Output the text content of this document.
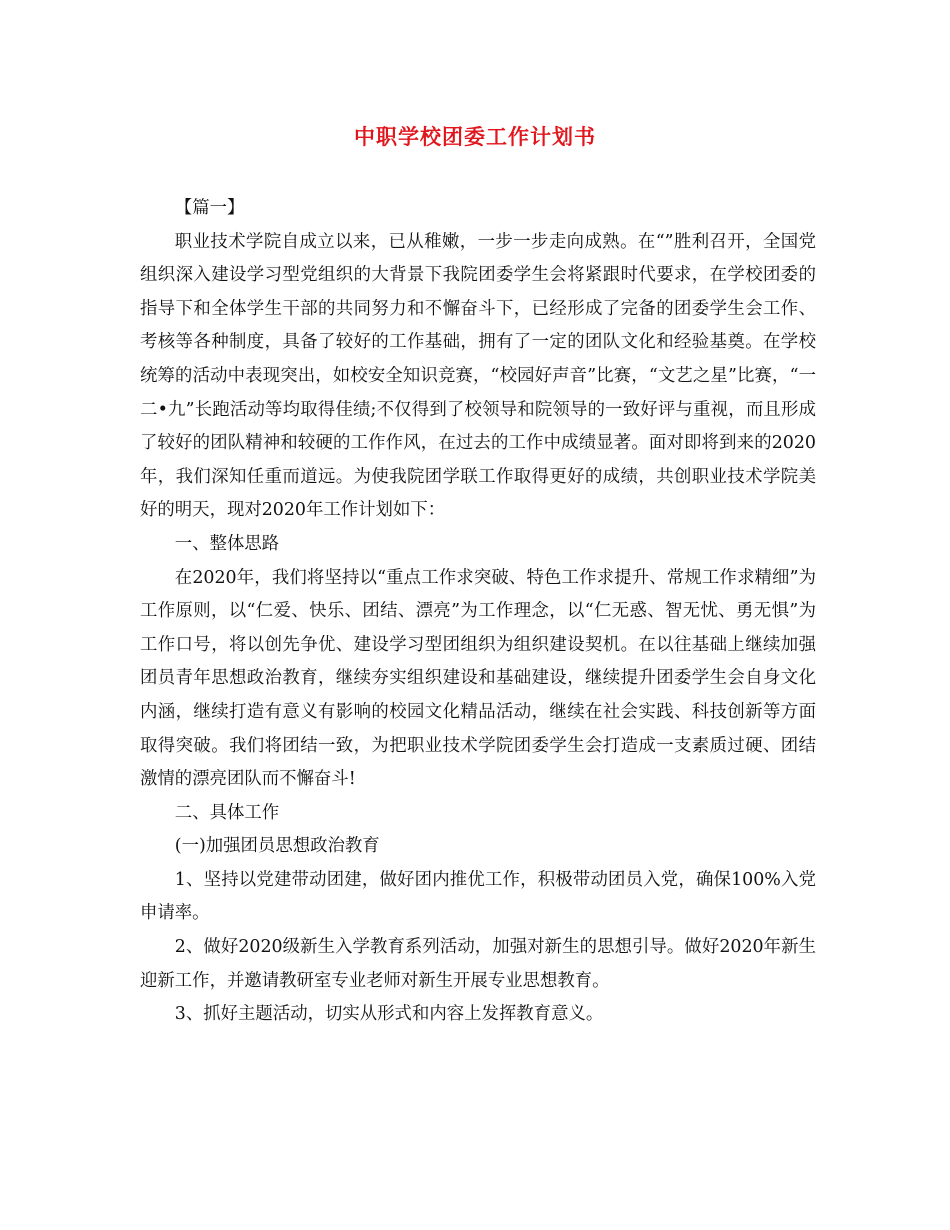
中职学校团委工作计划书

【篇一】

职业技术学院自成立以来，已从稚嫩，一步一步走向成熟。在“”胜利召开，全国党组织深入建设学习型党组织的大背景下我院团委学生会将紧跟时代要求，在学校团委的指导下和全体学生干部的共同努力和不懈奋斗下，已经形成了完备的团委学生会工作、考核等各种制度，具备了较好的工作基础，拥有了一定的团队文化和经验基奠。在学校统筹的活动中表现突出，如校安全知识竞赛，“校园好声音”比赛，“文艺之星”比赛，“一二•九”长跑活动等均取得佳绩;不仅得到了校领导和院领导的一致好评与重视，而且形成了较好的团队精神和较硬的工作作风，在过去的工作中成绩显著。面对即将到来的2020年，我们深知任重而道远。为使我院团学联工作取得更好的成绩，共创职业技术学院美好的明天，现对2020年工作计划如下：

一、整体思路

在2020年，我们将坚持以“重点工作求突破、特色工作求提升、常规工作求精细”为工作原则，以“仁爱、快乐、团结、漂亮”为工作理念，以“仁无惑、智无忧、勇无惧”为工作口号，将以创先争优、建设学习型团组织为组织建设契机。在以往基础上继续加强团员青年思想政治教育，继续夯实组织建设和基础建设，继续提升团委学生会自身文化内涵，继续打造有意义有影响的校园文化精品活动，继续在社会实践、科技创新等方面取得突破。我们将团结一致，为把职业技术学院团委学生会打造成一支素质过硬、团结激情的漂亮团队而不懈奋斗!

二、具体工作

(一)加强团员思想政治教育

1、坚持以党建带动团建，做好团内推优工作，积极带动团员入党，确保100%入党申请率。

2、做好2020级新生入学教育系列活动，加强对新生的思想引导。做好2020年新生迎新工作，并邀请教研室专业老师对新生开展专业思想教育。

3、抓好主题活动，切实从形式和内容上发挥教育意义。
